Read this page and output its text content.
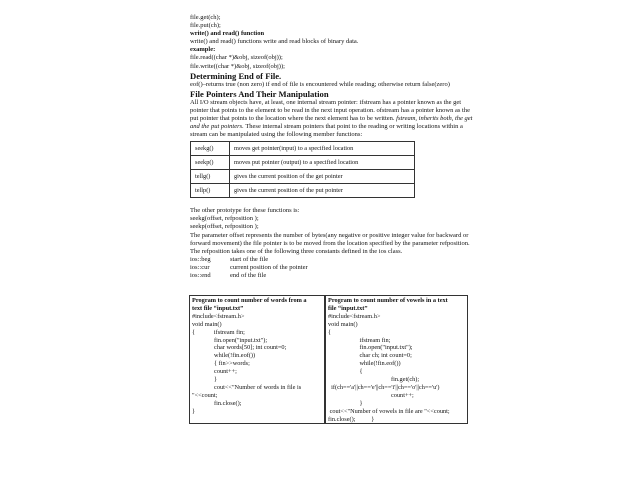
file.get(ch);
file.put(ch);
write() and read() function
write() and read() functions write and read blocks of binary data.
example:
file.read((char *)&obj, sizeof(obj));
file.write((char *)&obj, sizeof(obj));
Determining End of File.
eof()–returns true (non zero) if end of file is encountered while reading; otherwise return false(zero)
File Pointers And Their Manipulation
All I/O stream objects have, at least, one internal stream pointer: ifstream has a pointer known as the get pointer that points to the element to be read in the next input operation. ofstream has a pointer known as the put pointer that points to the location where the next element has to be written. fstream, inherits both, the get and the put pointers. These internal stream pointers that point to the reading or writing locations within a stream can be manipulated using the following member functions:
seekg()	moves get pointer(input) to a specified location
seekp()	moves put pointer (output) to a specified location
tellg()	gives the current position of the get pointer
tellp()	gives the current position of the put pointer
The other prototype for these functions is:
seekg(offset, refposition );
seekp(offset, refposition );
The parameter offset represents the number of bytes(any negative or positive integer value for backward or forward movement) the file pointer is to be moved from the location specified by the parameter refposition. The refposition takes one of the following three constants defined in the ios class.
ios::beg	start of the file
ios::cur	current position of the pointer
ios::end	end of the file
Program to count number of words from a
text file “input.txt”
#include<fstream.h>
void main()
{            ifstream fin;
fin.open("input.txt");
char words[50]; int count=0;
while(!fin.eof())
{ fin>>words;
count++;
}
cout<<"Number of words in file is
"<<count;
fin.close();
}
Program to count number of vowels in a text
file “input.txt”
#include<fstream.h>
void main()
{
ifstream fin;
fin.open("input.txt");
char ch; int count=0;
while(!fin.eof())
{
fin.get(ch);
if(ch=='a'||ch=='e'||ch=='i'||ch=='o'||ch=='u')
count++;
}
cout<<"Number of vowels in file are "<<count;
fin.close();          }
